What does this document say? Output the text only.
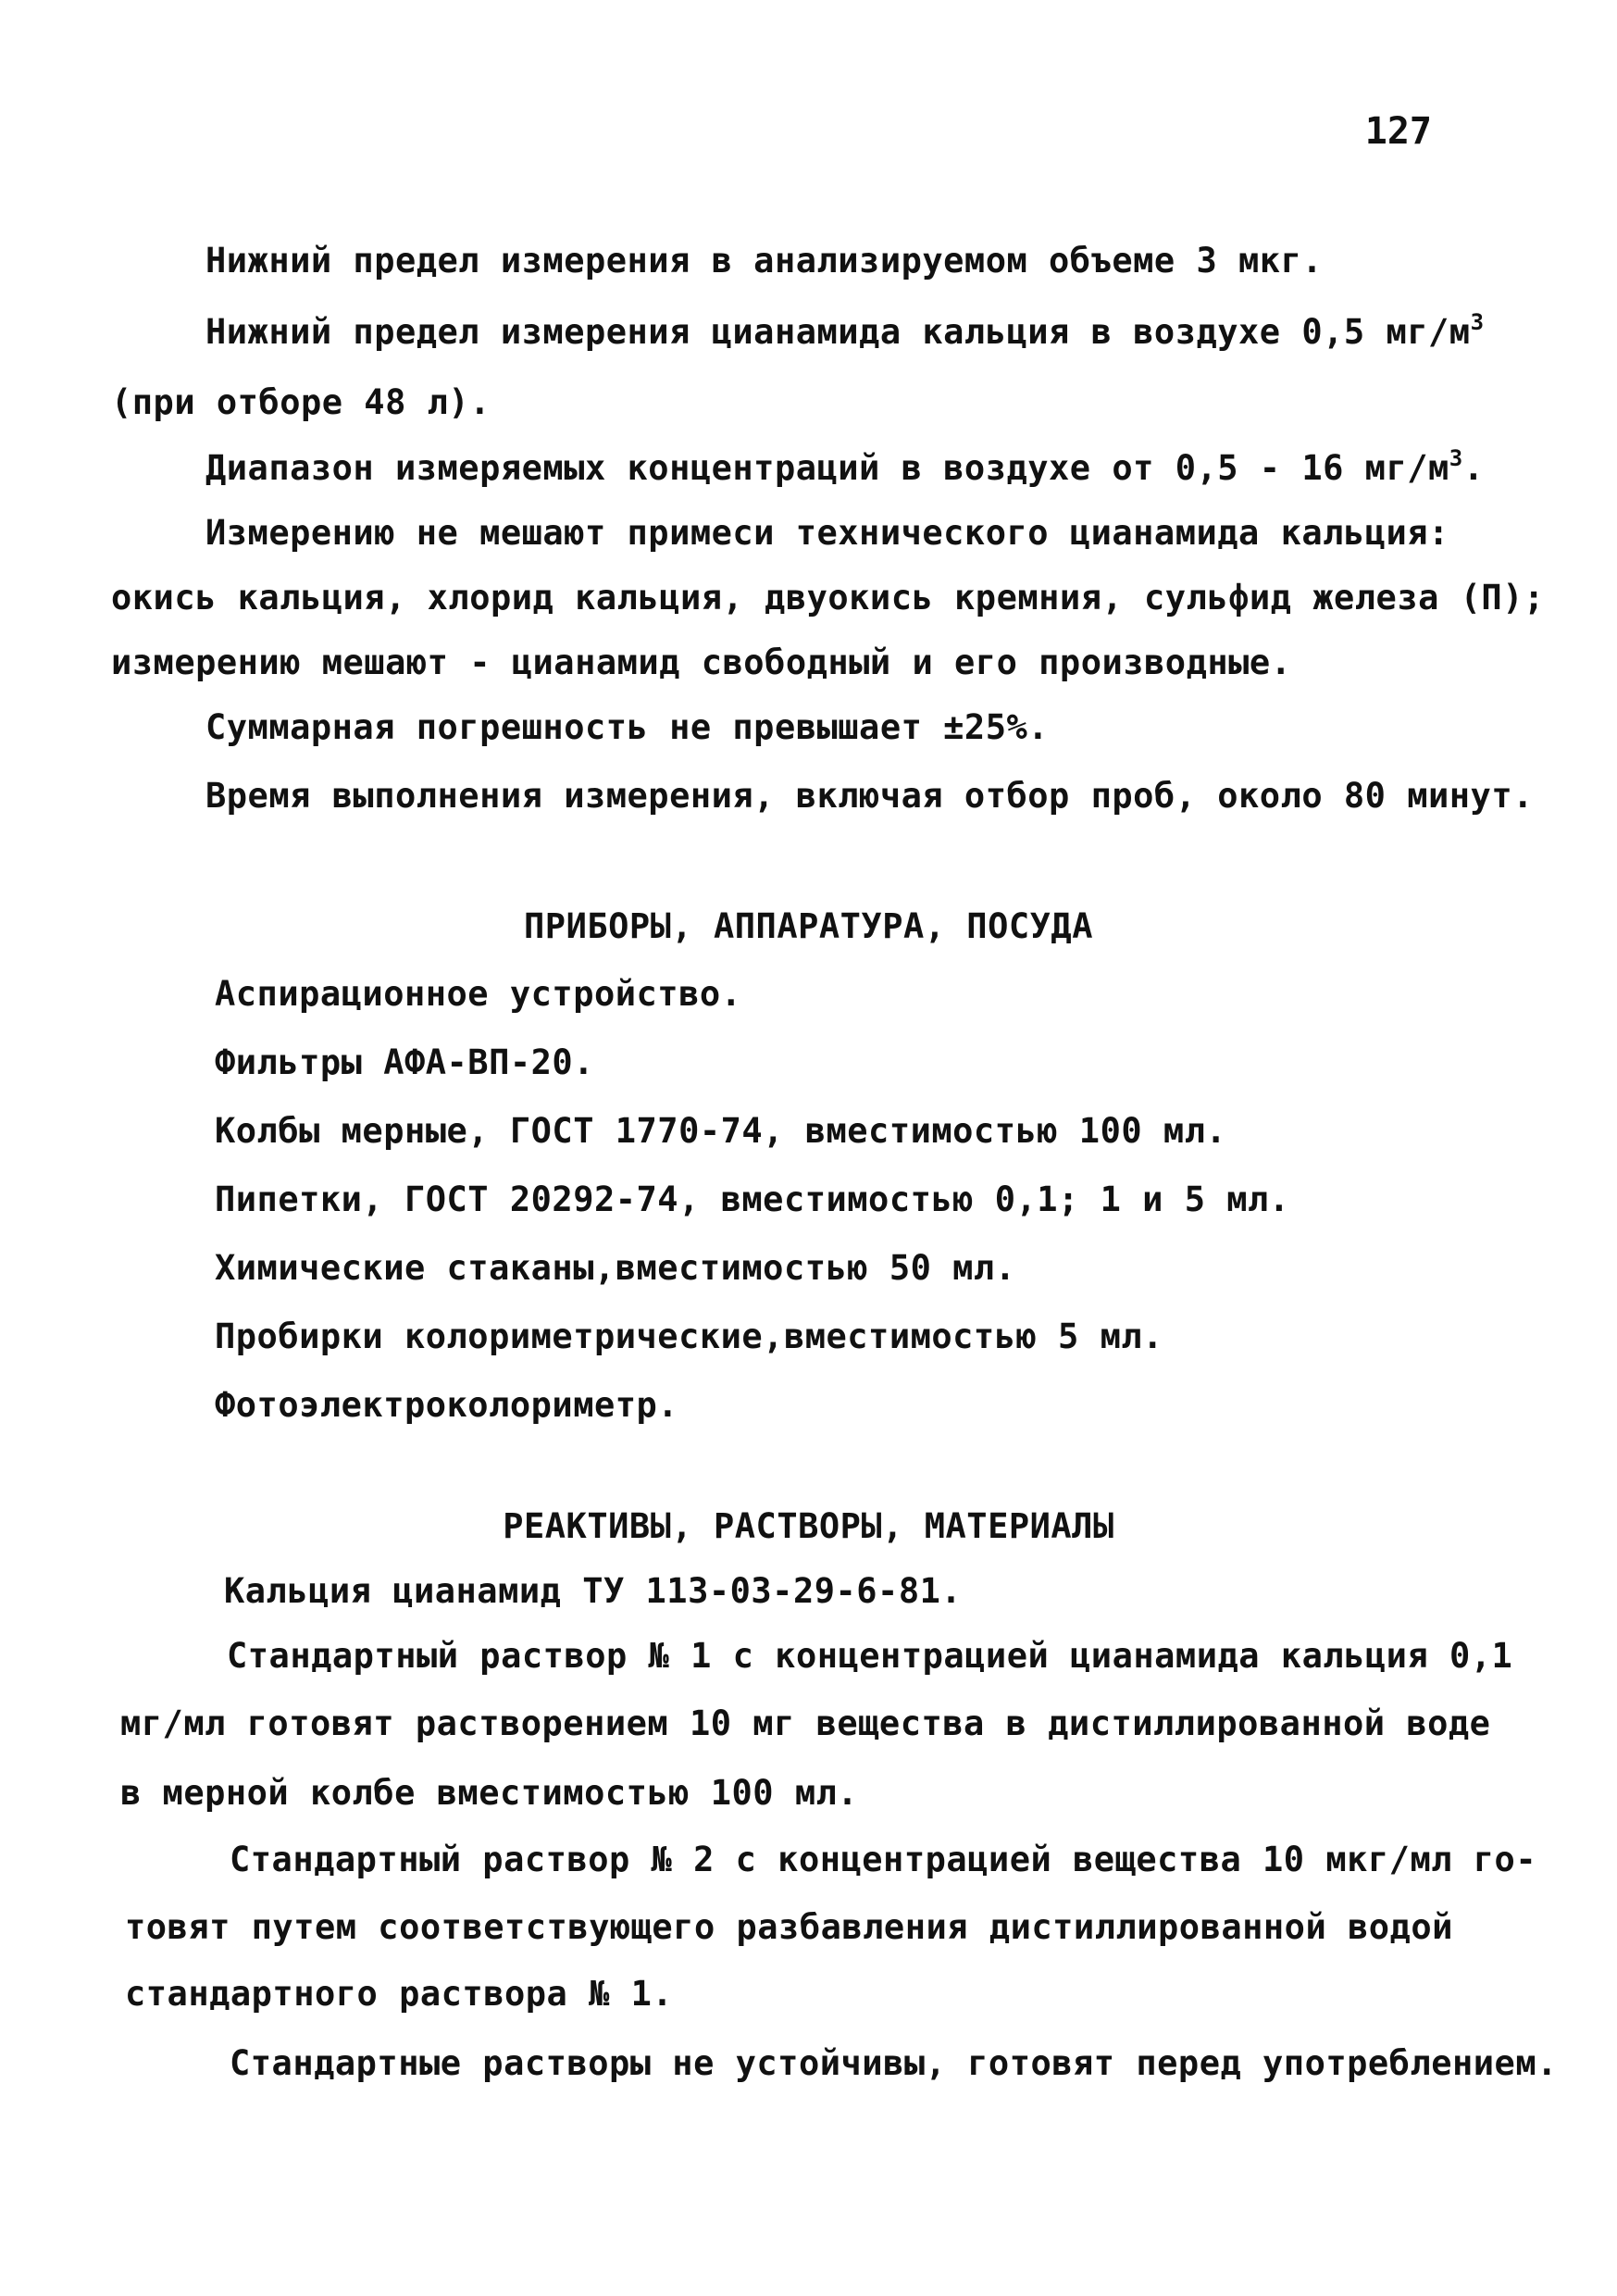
127
Нижний предел измерения в анализируемом объеме 3 мкг.
Нижний предел измерения цианамида кальция в воздухе 0,5 $мг/м^3$
(при отборе 48 л).
Диапазон измеряемых концентраций в воздухе от 0,5 - 16 $мг/м^3$.
Измерению не мешают примеси технического цианамида кальция:
окись кальция, хлорид кальция, двуокись кремния, сульфид железа (П);
измерению мешают - цианамид свободный и его производные.
Суммарная погрешность не превышает ±25%.
Время выполнения измерения, включая отбор проб, около 80 минут.
ПРИБОРЫ, АППАРАТУРА, ПОСУДА
Аспирационное устройство.
Фильтры АФА-ВП-20.
Колбы мерные, ГОСТ 1770-74, вместимостью 100 мл.
Пипетки, ГОСТ 20292-74, вместимостью 0,1; 1 и 5 мл.
Химические стаканы,вместимостью 50 мл.
Пробирки колориметрические,вместимостью 5 мл.
Фотоэлектроколориметр.
РЕАКТИВЫ, РАСТВОРЫ, МАТЕРИАЛЫ
Кальция цианамид ТУ 113-03-29-6-81.
Стандартный раствор № 1 с концентрацией цианамида кальция 0,1
мг/мл готовят растворением 10 мг вещества в дистиллированной воде
в мерной колбе вместимостью 100 мл.
Стандартный раствор № 2 с концентрацией вещества 10 мкг/мл го-
товят путем соответствующего разбавления дистиллированной водой
стандартного раствора № 1.
Стандартные растворы не устойчивы, готовят перед употреблением.
